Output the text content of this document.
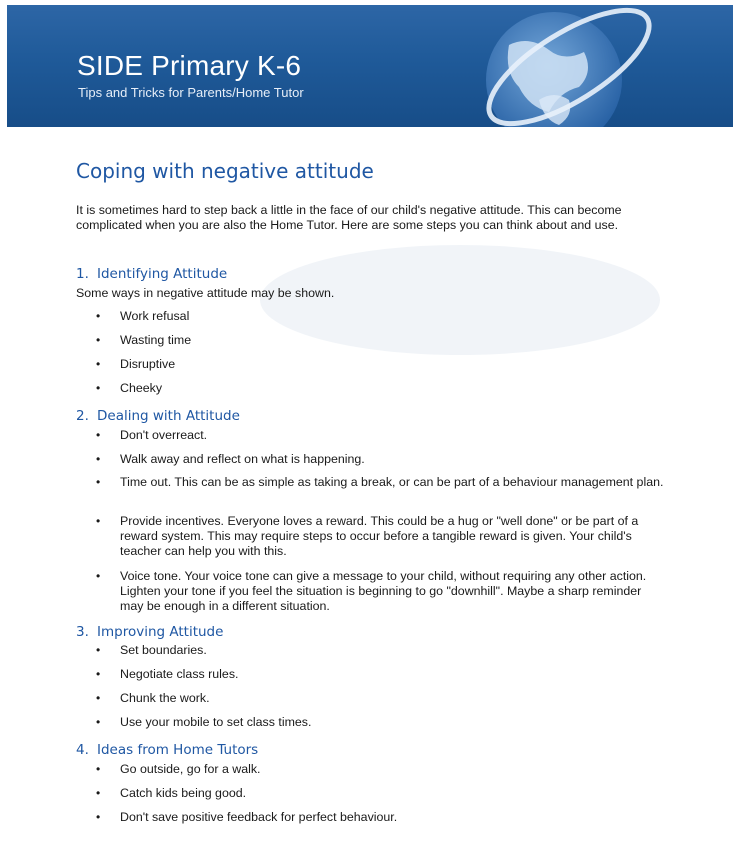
SIDE Primary K-6
Tips and Tricks for Parents/Home Tutor
Coping with negative attitude
It is sometimes hard to step back a little in the face of our child's negative attitude. This can become complicated when you are also the Home Tutor. Here are some steps you can think about and use.
1. Identifying Attitude
Some ways in negative attitude may be shown.
• Work refusal
• Wasting time
• Disruptive
• Cheeky
2. Dealing with Attitude
• Don't overreact.
• Walk away and reflect on what is happening.
• Time out. This can be as simple as taking a break, or can be part of a behaviour management plan.
• Provide incentives. Everyone loves a reward. This could be a hug or "well done" or be part of a reward system. This may require steps to occur before a tangible reward is given. Your child's teacher can help you with this.
• Voice tone. Your voice tone can give a message to your child, without requiring any other action. Lighten your tone if you feel the situation is beginning to go "downhill". Maybe a sharp reminder may be enough in a different situation.
3. Improving Attitude
• Set boundaries.
• Negotiate class rules.
• Chunk the work.
• Use your mobile to set class times.
4. Ideas from Home Tutors
• Go outside, go for a walk.
• Catch kids being good.
• Don't save positive feedback for perfect behaviour.
